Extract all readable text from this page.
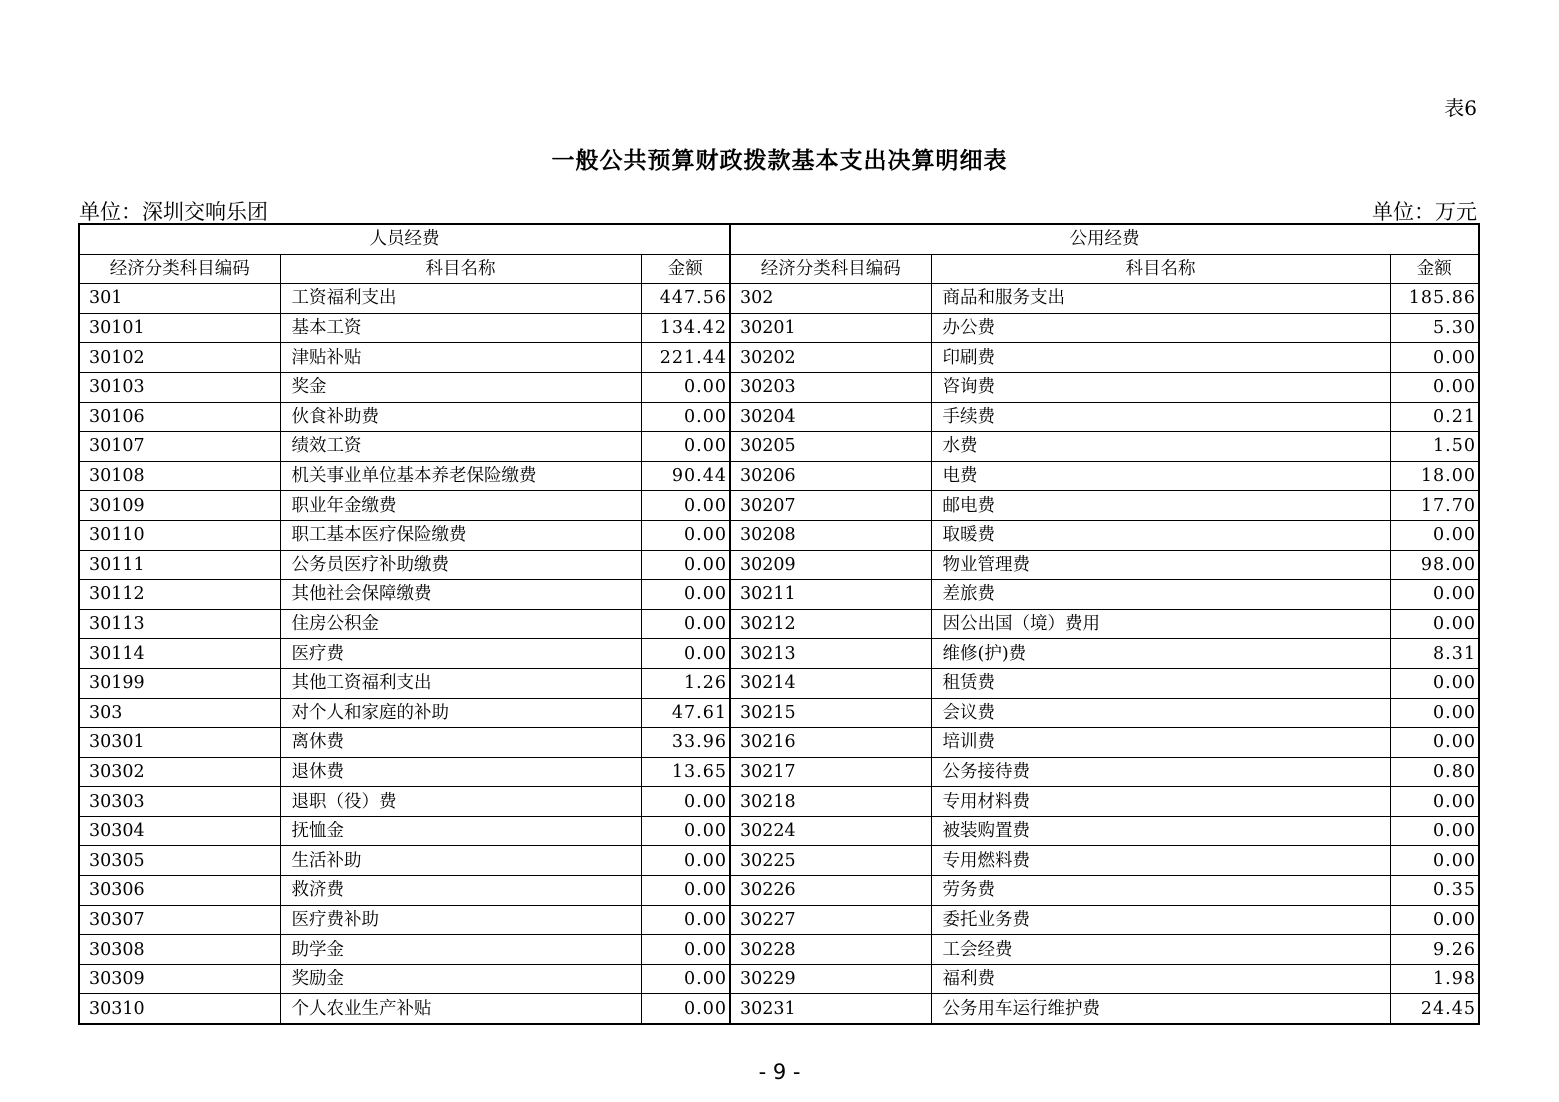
表6
一般公共预算财政拨款基本支出决算明细表
单位：深圳交响乐团	单位：万元
人员经费			公用经费		
经济分类科目编码	科目名称	金额	经济分类科目编码	科目名称	金额
301	工资福利支出	447.56	302	商品和服务支出	185.86
30101	基本工资	134.42	30201	办公费	5.30
30102	津贴补贴	221.44	30202	印刷费	0.00
30103	奖金	0.00	30203	咨询费	0.00
30106	伙食补助费	0.00	30204	手续费	0.21
30107	绩效工资	0.00	30205	水费	1.50
30108	机关事业单位基本养老保险缴费	90.44	30206	电费	18.00
30109	职业年金缴费	0.00	30207	邮电费	17.70
30110	职工基本医疗保险缴费	0.00	30208	取暖费	0.00
30111	公务员医疗补助缴费	0.00	30209	物业管理费	98.00
30112	其他社会保障缴费	0.00	30211	差旅费	0.00
30113	住房公积金	0.00	30212	因公出国（境）费用	0.00
30114	医疗费	0.00	30213	维修(护)费	8.31
30199	其他工资福利支出	1.26	30214	租赁费	0.00
303	对个人和家庭的补助	47.61	30215	会议费	0.00
30301	离休费	33.96	30216	培训费	0.00
30302	退休费	13.65	30217	公务接待费	0.80
30303	退职（役）费	0.00	30218	专用材料费	0.00
30304	抚恤金	0.00	30224	被装购置费	0.00
30305	生活补助	0.00	30225	专用燃料费	0.00
30306	救济费	0.00	30226	劳务费	0.35
30307	医疗费补助	0.00	30227	委托业务费	0.00
30308	助学金	0.00	30228	工会经费	9.26
30309	奖励金	0.00	30229	福利费	1.98
30310	个人农业生产补贴	0.00	30231	公务用车运行维护费	24.45
- 9 -
